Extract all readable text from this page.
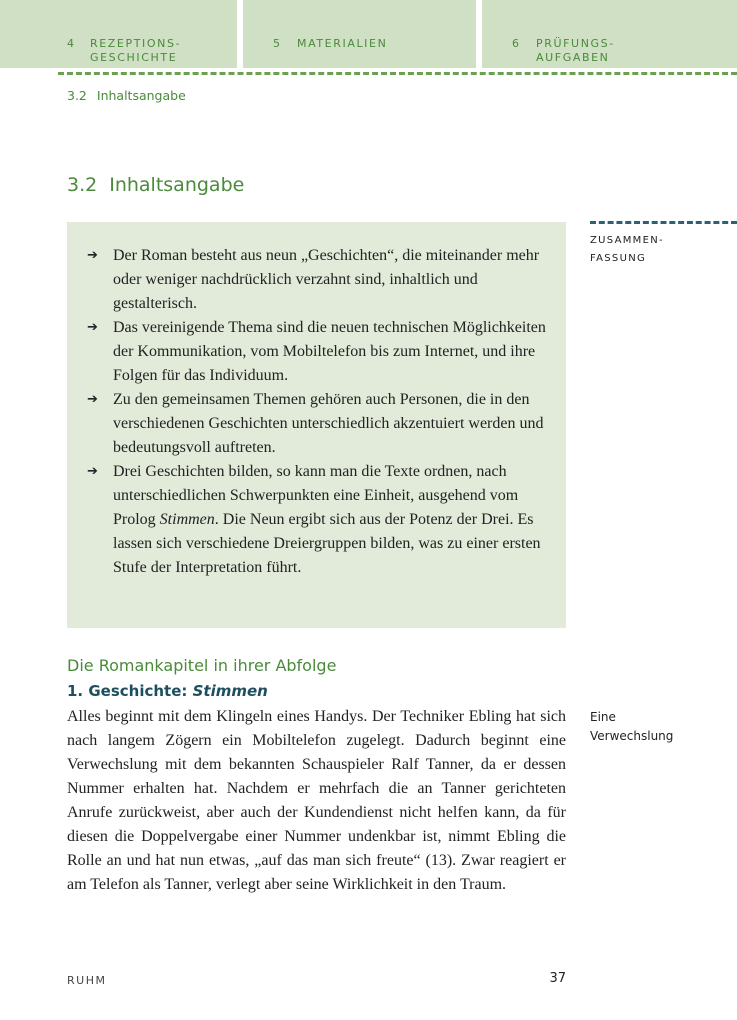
4 REZEPTIONS-
GESCHICHTE
5 MATERIALIEN	6 PRÜFUNGS-
AUFGABEN
3.2 Inhaltsangabe
3.2 Inhaltsangabe
ZUSAMMEN-
FASSUNG
➔ Der Roman besteht aus neun „Geschichten“, die miteinander mehr oder weniger nachdrücklich verzahnt sind, inhaltlich und gestalterisch.
➔ Das vereinigende Thema sind die neuen technischen Möglichkeiten der Kommunikation, vom Mobiltelefon bis zum Internet, und ihre Folgen für das Individuum.
➔ Zu den gemeinsamen Themen gehören auch Personen, die in den verschiedenen Geschichten unterschiedlich akzentuiert werden und bedeutungsvoll auftreten.
➔ Drei Geschichten bilden, so kann man die Texte ordnen, nach unterschiedlichen Schwerpunkten eine Einheit, ausgehend vom Prolog Stimmen. Die Neun ergibt sich aus der Potenz der Drei. Es lassen sich verschiedene Dreiergruppen bilden, was zu einer ersten Stufe der Interpretation führt.
Die Romankapitel in ihrer Abfolge
1. Geschichte: Stimmen
Alles beginnt mit dem Klingeln eines Handys. Der Techniker Ebling hat sich nach langem Zögern ein Mobiltelefon zugelegt. Dadurch beginnt eine Verwechslung mit dem bekannten Schauspieler Ralf Tanner, da er dessen Nummer erhalten hat. Nachdem er mehrfach die an Tanner gerichteten Anrufe zurückweist, aber auch der Kundendienst nicht helfen kann, da für diesen die Doppelvergabe einer Nummer undenkbar ist, nimmt Ebling die Rolle an und hat nun etwas, „auf das man sich freute“ (13). Zwar reagiert er am Telefon als Tanner, verlegt aber seine Wirklichkeit in den Traum.
Eine
Verwechslung
RUHM	37
